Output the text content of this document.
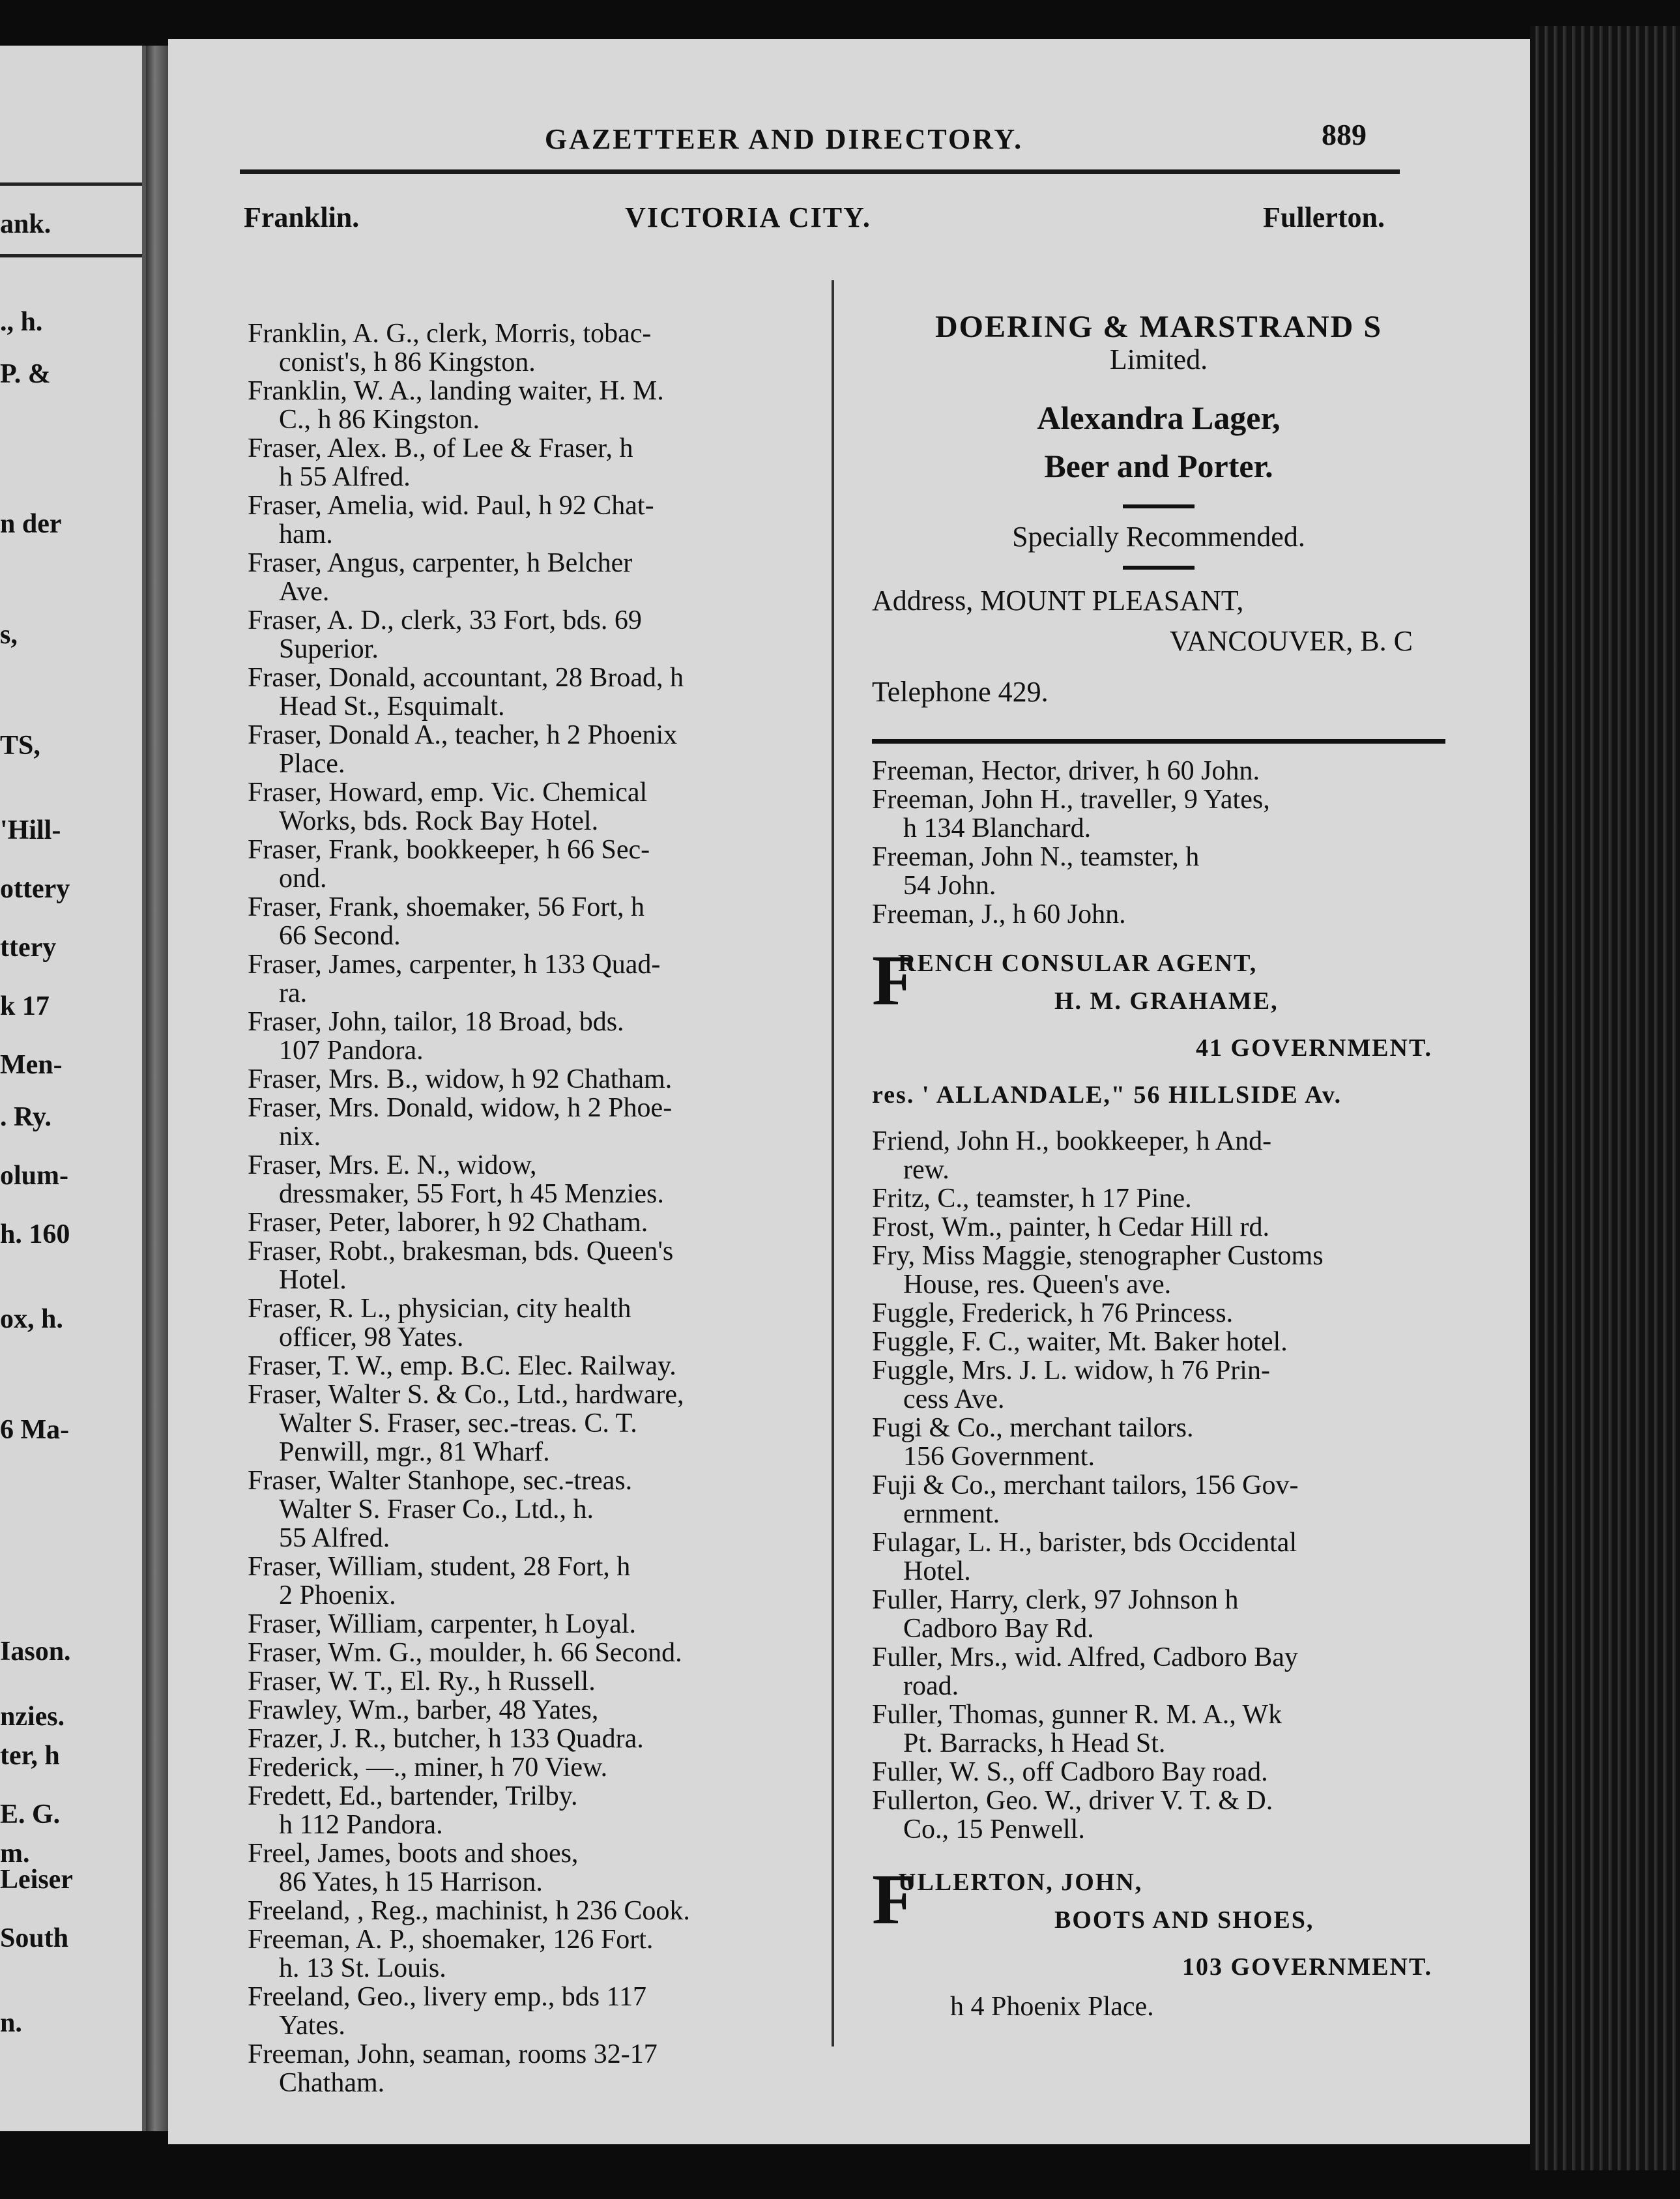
ank.
., h.
P. &
n der
s,
TS,
'Hill-
ottery
ttery
k 17
Men-
. Ry.
olum-
h. 160
ox, h.
6 Ma-
Iason.
nzies.
ter, h
E. G.
m.
Leiser
South
n.
GAZETTEER AND DIRECTORY.	889
Franklin.	VICTORIA CITY.	Fullerton.
Franklin, A. G., clerk, Morris, tobac-
conist's, h 86 Kingston.
Franklin, W. A., landing waiter, H. M.
C., h 86 Kingston.
Fraser, Alex. B., of Lee & Fraser, h
h 55 Alfred.
Fraser, Amelia, wid. Paul, h 92 Chat-
ham.
Fraser, Angus, carpenter, h Belcher
Ave.
Fraser, A. D., clerk, 33 Fort, bds. 69
Superior.
Fraser, Donald, accountant, 28 Broad, h
Head St., Esquimalt.
Fraser, Donald A., teacher, h 2 Phoenix
Place.
Fraser, Howard, emp. Vic. Chemical
Works, bds. Rock Bay Hotel.
Fraser, Frank, bookkeeper, h 66 Sec-
ond.
Fraser, Frank, shoemaker, 56 Fort, h
66 Second.
Fraser, James, carpenter, h 133 Quad-
ra.
Fraser, John, tailor, 18 Broad, bds.
107 Pandora.
Fraser, Mrs. B., widow, h 92 Chatham.
Fraser, Mrs. Donald, widow, h 2 Phoe-
nix.
Fraser, Mrs. E. N., widow,
dressmaker, 55 Fort, h 45 Menzies.
Fraser, Peter, laborer, h 92 Chatham.
Fraser, Robt., brakesman, bds. Queen's
Hotel.
Fraser, R. L., physician, city health
officer, 98 Yates.
Fraser, T. W., emp. B.C. Elec. Railway.
Fraser, Walter S. & Co., Ltd., hardware,
Walter S. Fraser, sec.-treas. C. T.
Penwill, mgr., 81 Wharf.
Fraser, Walter Stanhope, sec.-treas.
Walter S. Fraser Co., Ltd., h.
55 Alfred.
Fraser, William, student, 28 Fort, h
2 Phoenix.
Fraser, William, carpenter, h Loyal.
Fraser, Wm. G., moulder, h. 66 Second.
Fraser, W. T., El. Ry., h Russell.
Frawley, Wm., barber, 48 Yates,
Frazer, J. R., butcher, h 133 Quadra.
Frederick, —., miner, h 70 View.
Fredett, Ed., bartender, Trilby.
h 112 Pandora.
Freel, James, boots and shoes,
86 Yates, h 15 Harrison.
Freeland, , Reg., machinist, h 236 Cook.
Freeman, A. P., shoemaker, 126 Fort.
h. 13 St. Louis.
Freeland, Geo., livery emp., bds 117
Yates.
Freeman, John, seaman, rooms 32-17
Chatham.
DOERING & MARSTRAND S
Limited.
Alexandra Lager,
Beer and Porter.
Specially Recommended.
Address, MOUNT PLEASANT,
VANCOUVER, B. C
Telephone 429.
Freeman, Hector, driver, h 60 John.
Freeman, John H., traveller, 9 Yates,
h 134 Blanchard.
Freeman, John N., teamster, h
54 John.
Freeman, J., h 60 John.
F
RENCH CONSULAR AGENT,
H. M. GRAHAME,
41 GOVERNMENT.
res. ' ALLANDALE," 56 HILLSIDE Av.
Friend, John H., bookkeeper, h And-
rew.
Fritz, C., teamster, h 17 Pine.
Frost, Wm., painter, h Cedar Hill rd.
Fry, Miss Maggie, stenographer Customs
House, res. Queen's ave.
Fuggle, Frederick, h 76 Princess.
Fuggle, F. C., waiter, Mt. Baker hotel.
Fuggle, Mrs. J. L. widow, h 76 Prin-
cess Ave.
Fugi & Co., merchant tailors.
156 Government.
Fuji & Co., merchant tailors, 156 Gov-
ernment.
Fulagar, L. H., barister, bds Occidental
Hotel.
Fuller, Harry, clerk, 97 Johnson h
Cadboro Bay Rd.
Fuller, Mrs., wid. Alfred, Cadboro Bay
road.
Fuller, Thomas, gunner R. M. A., Wk
Pt. Barracks, h Head St.
Fuller, W. S., off Cadboro Bay road.
Fullerton, Geo. W., driver V. T. & D.
Co., 15 Penwell.
F
ULLERTON, JOHN,
BOOTS AND SHOES,
103 GOVERNMENT.
h 4 Phoenix Place.
